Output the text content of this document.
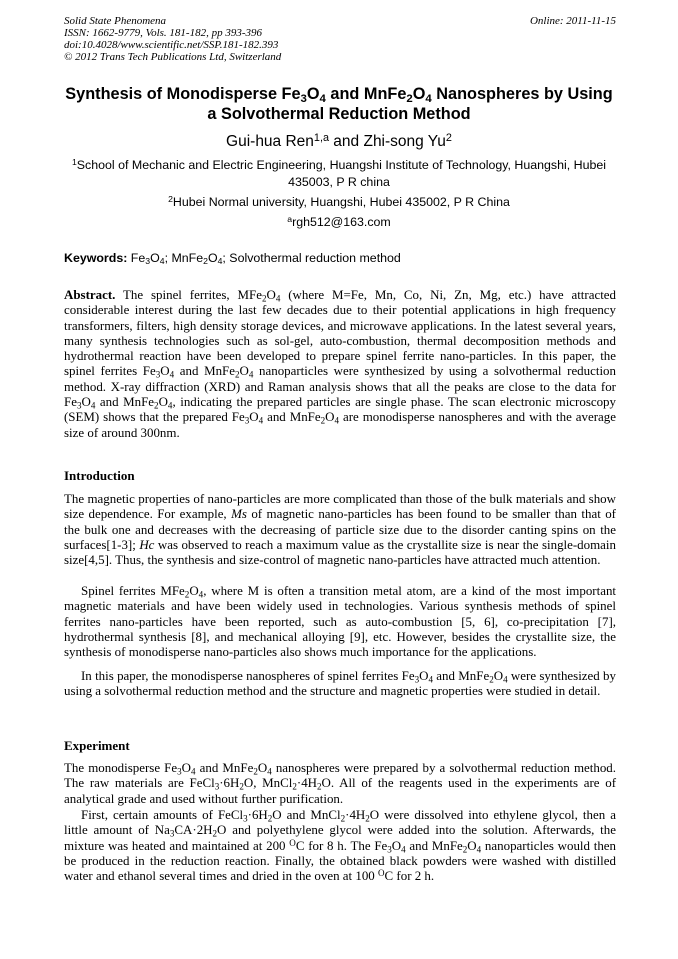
Solid State Phenomena
ISSN: 1662-9779, Vols. 181-182, pp 393-396
doi:10.4028/www.scientific.net/SSP.181-182.393
© 2012 Trans Tech Publications Ltd, Switzerland
Online: 2011-11-15
Synthesis of Monodisperse $Fe_3O_4$ and $MnFe_2O_4$ Nanospheres by Using a Solvothermal Reduction Method
Gui-hua Ren$^{1,a}$ and Zhi-song Yu$^2$
$^1$School of Mechanic and Electric Engineering, Huangshi Institute of Technology, Huangshi, Hubei 435003, P R china
$^2$Hubei Normal university, Huangshi, Hubei 435002, P R China
$^a$rgh512@163.com
Keywords: $Fe_3O_4$; $MnFe_2O_4$; Solvothermal reduction method
Abstract. The spinel ferrites, $MFe_2O_4$ (where M=Fe, Mn, Co, Ni, Zn, Mg, etc.) have attracted considerable interest during the last few decades due to their potential applications in high frequency transformers, filters, high density storage devices, and microwave applications. In the latest several years, many synthesis technologies such as sol-gel, auto-combustion, thermal decomposition methods and hydrothermal reaction have been developed to prepare spinel ferrite nano-particles. In this paper, the spinel ferrites $Fe_3O_4$ and $MnFe_2O_4$ nanoparticles were synthesized by using a solvothermal reduction method. X-ray diffraction (XRD) and Raman analysis shows that all the peaks are close to the data for $Fe_3O_4$ and $MnFe_2O_4$, indicating the prepared particles are single phase. The scan electronic microscopy (SEM) shows that the prepared $Fe_3O_4$ and $MnFe_2O_4$ are monodisperse nanospheres and with the average size of around 300nm.
Introduction
The magnetic properties of nano-particles are more complicated than those of the bulk materials and show size dependence. For example, Ms of magnetic nano-particles has been found to be smaller than that of the bulk one and decreases with the decreasing of particle size due to the disorder canting spins on the surfaces[1-3]; Hc was observed to reach a maximum value as the crystallite size is near the single-domain size[4,5]. Thus, the synthesis and size-control of magnetic nano-particles have attracted much attention.
Spinel ferrites $MFe_2O_4$, where M is often a transition metal atom, are a kind of the most important magnetic materials and have been widely used in technologies. Various synthesis methods of spinel ferrites nano-particles have been reported, such as auto-combustion [5, 6], co-precipitation [7], hydrothermal synthesis [8], and mechanical alloying [9], etc. However, besides the crystallite size, the synthesis of monodisperse nano-particles also shows much importance for the applications.
In this paper, the monodisperse nanospheres of spinel ferrites $Fe_3O_4$ and $MnFe_2O_4$ were synthesized by using a solvothermal reduction method and the structure and magnetic properties were studied in detail.
Experiment
The monodisperse $Fe_3O_4$ and $MnFe_2O_4$ nanospheres were prepared by a solvothermal reduction method. The raw materials are $FeCl_3\cdot 6H_2O$, $MnCl_2\cdot 4H_2O$. All of the reagents used in the experiments are of analytical grade and used without further purification.
First, certain amounts of $FeCl_3\cdot 6H_2O$ and $MnCl_2\cdot 4H_2O$ were dissolved into ethylene glycol, then a little amount of $Na_3CA\cdot 2H_2O$ and polyethylene glycol were added into the solution. Afterwards, the mixture was heated and maintained at 200 $^O$C for 8 h. The $Fe_3O_4$ and $MnFe_2O_4$ nanoparticles would then be produced in the reduction reaction. Finally, the obtained black powders were washed with distilled water and ethanol several times and dried in the oven at 100 $^O$C for 2 h.
